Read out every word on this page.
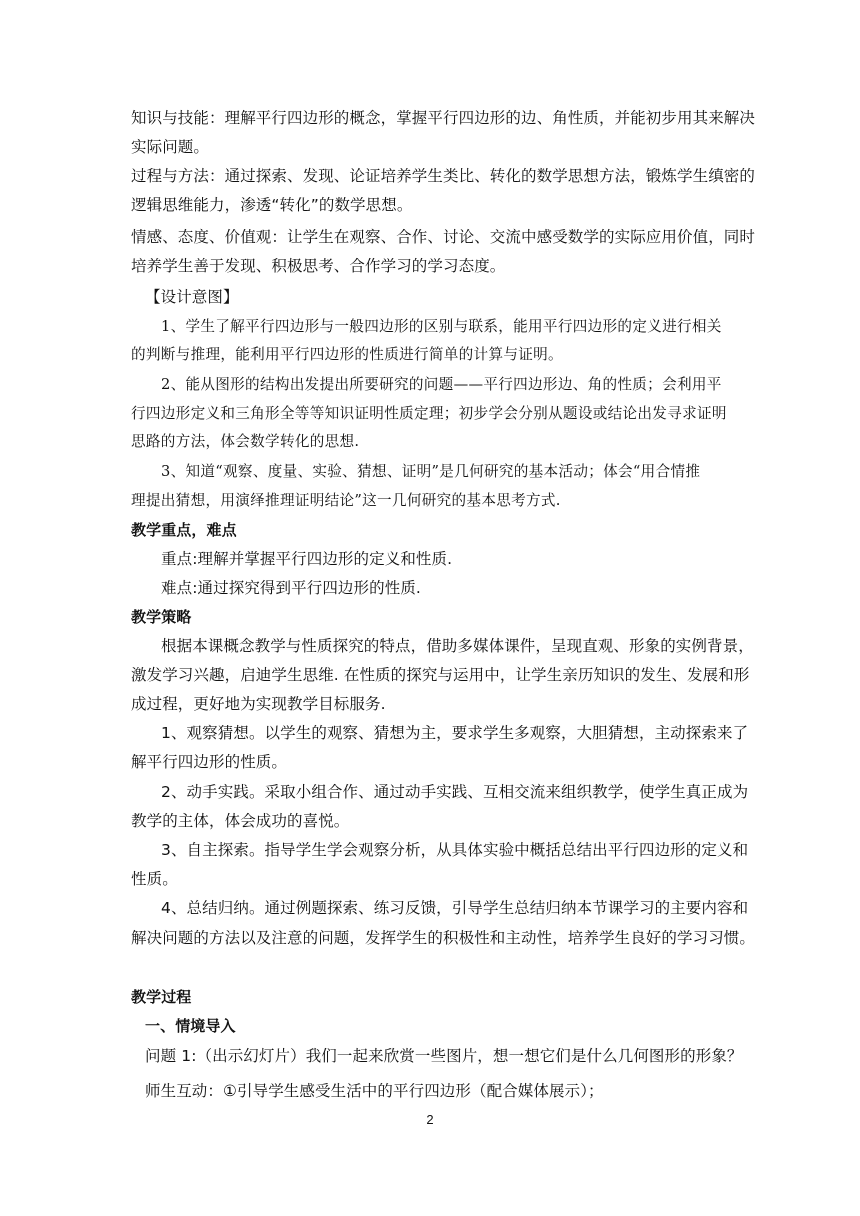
知识与技能：理解平行四边形的概念，掌握平行四边形的边、角性质，并能初步用其来解决
实际问题。
过程与方法：通过探索、发现、论证培养学生类比、转化的数学思想方法，锻炼学生缜密的
逻辑思维能力，渗透“转化”的数学思想。
情感、态度、价值观：让学生在观察、合作、讨论、交流中感受数学的实际应用价值，同时
培养学生善于发现、积极思考、合作学习的学习态度。
【设计意图】
1、学生了解平行四边形与一般四边形的区别与联系，能用平行四边形的定义进行相关
的判断与推理，能利用平行四边形的性质进行简单的计算与证明。
2、能从图形的结构出发提出所要研究的问题——平行四边形边、角的性质；会利用平
行四边形定义和三角形全等等知识证明性质定理；初步学会分别从题设或结论出发寻求证明
思路的方法，体会数学转化的思想.
3、知道“观察、度量、实验、猜想、证明”是几何研究的基本活动；体会“用合情推
理提出猜想，用演绎推理证明结论”这一几何研究的基本思考方式.
教学重点，难点
重点:理解并掌握平行四边形的定义和性质.
难点:通过探究得到平行四边形的性质.
教学策略
根据本课概念教学与性质探究的特点，借助多媒体课件，呈现直观、形象的实例背景，
激发学习兴趣，启迪学生思维. 在性质的探究与运用中，让学生亲历知识的发生、发展和形
成过程，更好地为实现教学目标服务.
1、观察猜想。以学生的观察、猜想为主，要求学生多观察，大胆猜想，主动探索来了
解平行四边形的性质。
2、动手实践。采取小组合作、通过动手实践、互相交流来组织教学，使学生真正成为
教学的主体，体会成功的喜悦。
3、自主探索。指导学生学会观察分析，从具体实验中概括总结出平行四边形的定义和
性质。
4、总结归纳。通过例题探索、练习反馈，引导学生总结归纳本节课学习的主要内容和
解决问题的方法以及注意的问题，发挥学生的积极性和主动性，培养学生良好的学习习惯。
教学过程
一、情境导入
问题 1:（出示幻灯片）我们一起来欣赏一些图片，想一想它们是什么几何图形的形象？
师生互动：①引导学生感受生活中的平行四边形（配合媒体展示）；
2
